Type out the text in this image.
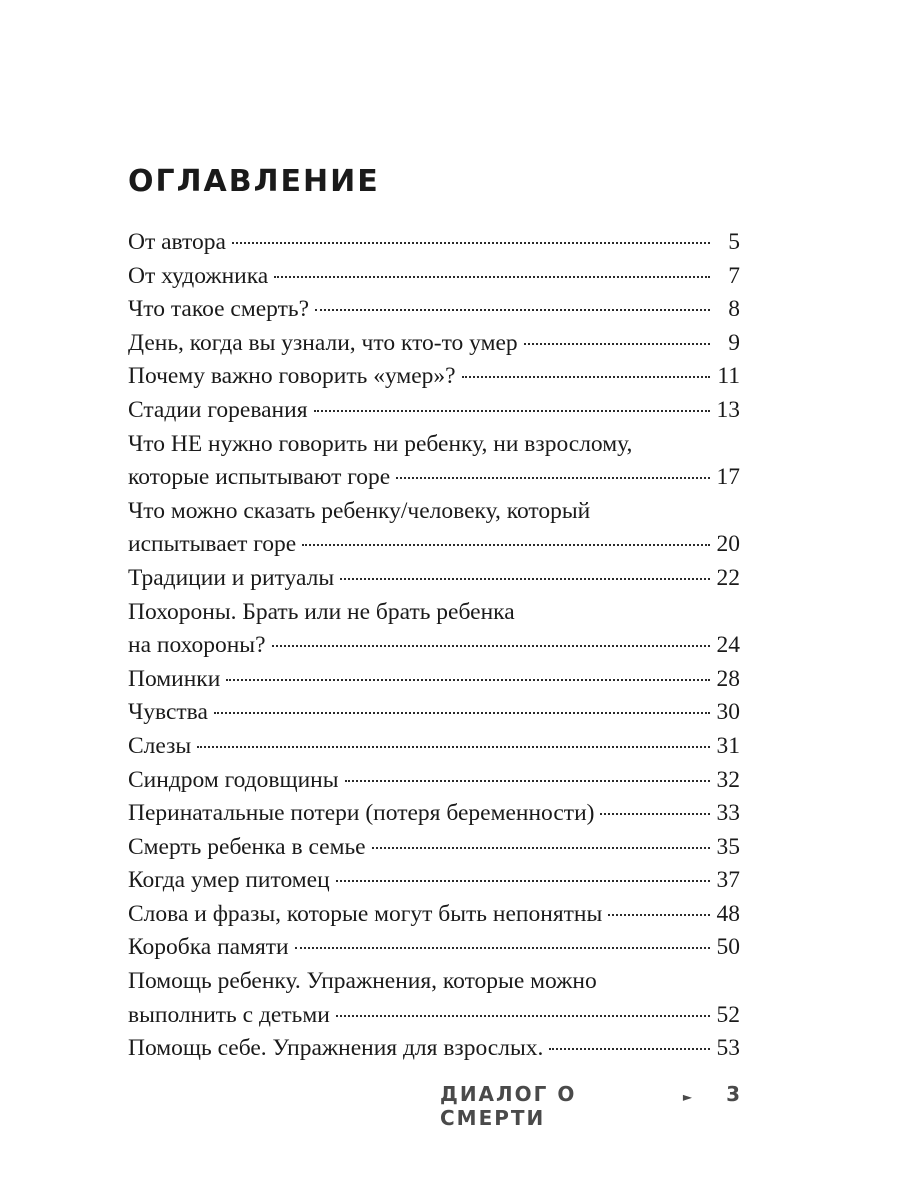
ОГЛАВЛЕНИЕ
От автора	5
От художника	7
Что такое смерть?	8
День, когда вы узнали, что кто-то умер	9
Почему важно говорить «умер»?	11
Стадии горевания	13
Что НЕ нужно говорить ни ребенку, ни взрослому,
которые испытывают горе	17
Что можно сказать ребенку/человеку, который
испытывает горе	20
Традиции и ритуалы	22
Похороны. Брать или не брать ребенка
на похороны?	24
Поминки	28
Чувства	30
Слезы	31
Синдром годовщины	32
Перинатальные потери (потеря беременности)	33
Смерть ребенка в семье	35
Когда умер питомец	37
Слова и фразы, которые могут быть непонятны	48
Коробка памяти	50
Помощь ребенку. Упражнения, которые можно
выполнить с детьми	52
Помощь себе. Упражнения для взрослых.	53
ДИАЛОГ О СМЕРТИ
► 3
